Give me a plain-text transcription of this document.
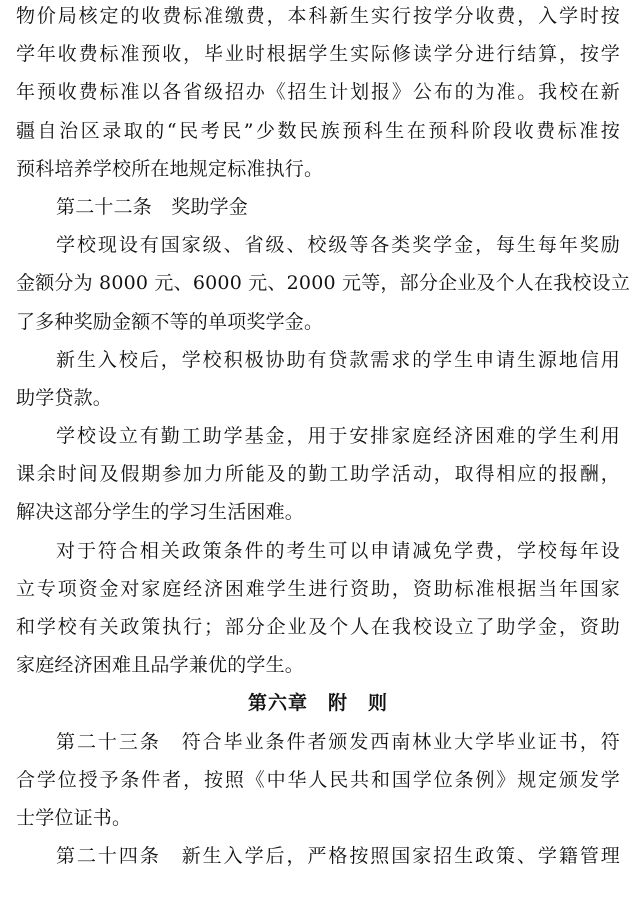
物价局核定的收费标准缴费，本科新生实行按学分收费，入学时按
学年收费标准预收，毕业时根据学生实际修读学分进行结算，按学
年预收费标准以各省级招办《招生计划报》公布的为准。我校在新
疆自治区录取的“民考民”少数民族预科生在预科阶段收费标准按
预科培养学校所在地规定标准执行。
第二十二条　奖助学金
学校现设有国家级、省级、校级等各类奖学金，每生每年奖励
金额分为 8000 元、6000 元、2000 元等，部分企业及个人在我校设立
了多种奖励金额不等的单项奖学金。
新生入校后，学校积极协助有贷款需求的学生申请生源地信用
助学贷款。
学校设立有勤工助学基金，用于安排家庭经济困难的学生利用
课余时间及假期参加力所能及的勤工助学活动，取得相应的报酬，
解决这部分学生的学习生活困难。
对于符合相关政策条件的考生可以申请减免学费，学校每年设
立专项资金对家庭经济困难学生进行资助，资助标准根据当年国家
和学校有关政策执行；部分企业及个人在我校设立了助学金，资助
家庭经济困难且品学兼优的学生。
第六章　附　则
第二十三条　符合毕业条件者颁发西南林业大学毕业证书，符
合学位授予条件者，按照《中华人民共和国学位条例》规定颁发学
士学位证书。
第二十四条　新生入学后，严格按照国家招生政策、学籍管理
